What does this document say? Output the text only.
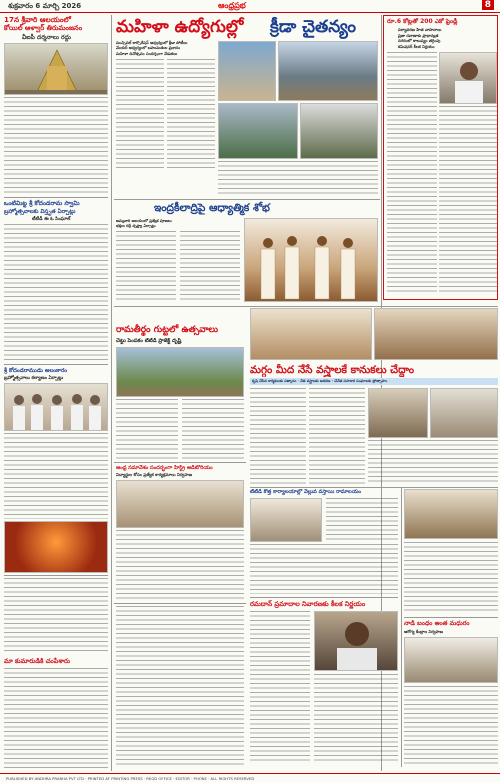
శుక్రవారం 6 మార్చి 2026	ఆంధ్రప్రభ	8
17న శ్రీవారి ఆలయంలో
కోయిల్ ఆళ్వార్ తిరుమంజనం
వీఐపీ దర్శనాలు రద్దు
ఒంటిమిట్ట శ్రీ కోదండరామ స్వామి
బ్రహ్మోత్సవాలకు విస్తృత ఏర్పాట్లు
టీటీడీ ఈ ఓ సింఘాల్
శ్రీ కోదండరాముడు అలంకారం
బ్రహ్మోత్సవాలు కల్యాణం ఏర్పాట్లు
మా కుమారుడికి చంపేశారు
మహిళా ఉద్యోగుల్లో క్రీడా చైతన్యం
మున్సిపల్ కార్పొరేషన్ ఆధ్వర్యంలో క్రీడా పోటీలు
మేయర్ ఆధ్వర్యంలో బహుమతుల ప్రదానం
మహిళా దినోత్సవం సందర్భంగా వేడుకలు
ఇంద్రకీలాద్రిపై ఆధ్యాత్మిక శోభ
అమ్మవారి ఆలయంలో ప్రత్యేక పూజలు
భక్తుల రద్దీ దృష్ట్యా ఏర్పాట్లు
రూ.6 కోట్లతో 200 ఎకో ఫ్రెండ్లీ
పర్యావరణ హిత వాహనాలు
ప్రజా రవాణాకు ప్రాధాన్యత
నగరంలో కాలుష్యం తగ్గింపు
కమిషనర్ కీలక నిర్ణయం
రామతీర్థం గుట్టలో ఉత్సవాలు
చెట్టు పెంపకం టీటీడీ ప్రాజెక్ట్ దృష్టి
ఆంధ్ర సమావేశం సందర్భంగా హిస్ట్రీ ఆడిటోరియం
విద్యార్థుల కోసం ప్రత్యేక కార్యక్రమాలు నిర్వహణ
మగ్గం మీద నేసే వస్త్రాలకే కానుకలు చేద్దాం
కృషి చేసిన కార్మికులకు సత్కారం · నేత వస్త్రాలకు ఆదరణ · చేనేత సహకార సంఘాలకు ప్రోత్సాహం
టీటీడీ కొత్త కార్యాలయాల్లో వెల్లువ వస్తాయి రామాలయం
రమదాన్ ప్రమాదాల నివారణకు కీలక నిర్ణయం
నాడి బంధం అంత మధురం
ఆరోగ్య కేంద్రాల నిర్వహణ
PUBLISHED BY ANDHRA PRABHA PVT LTD · PRINTED AT PRINTING PRESS · REGD OFFICE · EDITOR · PHONE · ALL RIGHTS RESERVED
